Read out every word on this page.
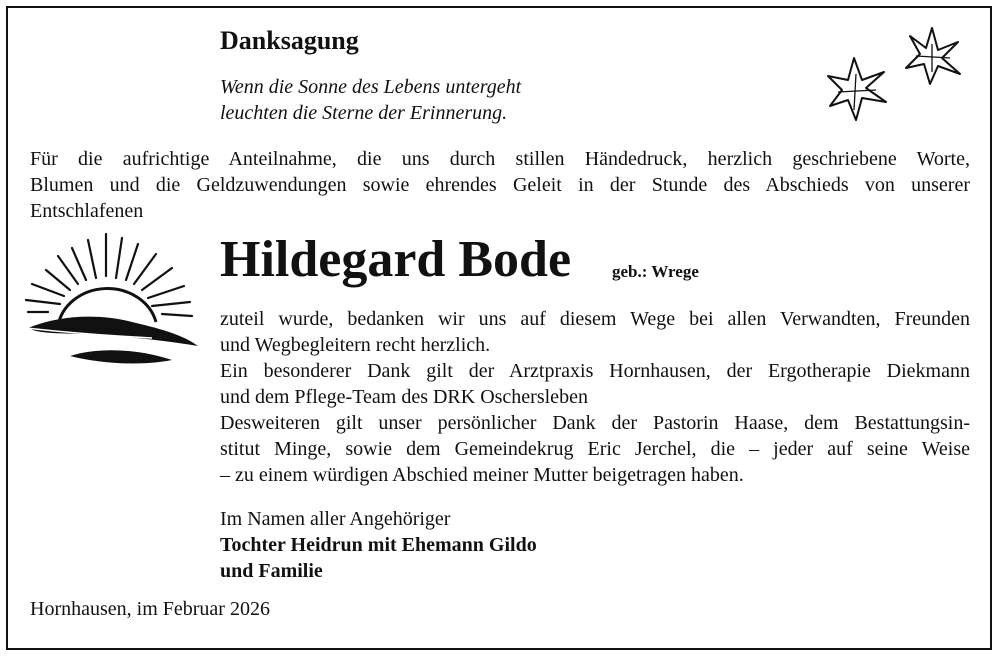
Danksagung
Wenn die Sonne des Lebens untergeht
leuchten die Sterne der Erinnerung.
Für die aufrichtige Anteilnahme, die uns durch stillen Händedruck, herzlich geschriebene Worte,
Blumen und die Geldzuwendungen sowie ehrendes Geleit in der Stunde des Abschieds von unserer
Entschlafenen
Hildegard Bode geb.: Wrege
zuteil wurde, bedanken wir uns auf diesem Wege bei allen Verwandten, Freunden
und Wegbegleitern recht herzlich.
Ein besonderer Dank gilt der Arztpraxis Hornhausen, der Ergotherapie Diekmann
und dem Pflege-Team des DRK Oschersleben
Desweiteren gilt unser persönlicher Dank der Pastorin Haase, dem Bestattungsin-
stitut Minge, sowie dem Gemeindekrug Eric Jerchel, die – jeder auf seine Weise
– zu einem würdigen Abschied meiner Mutter beigetragen haben.
Im Namen aller Angehöriger
Tochter Heidrun mit Ehemann Gildo
und Familie
Hornhausen, im Februar 2026
